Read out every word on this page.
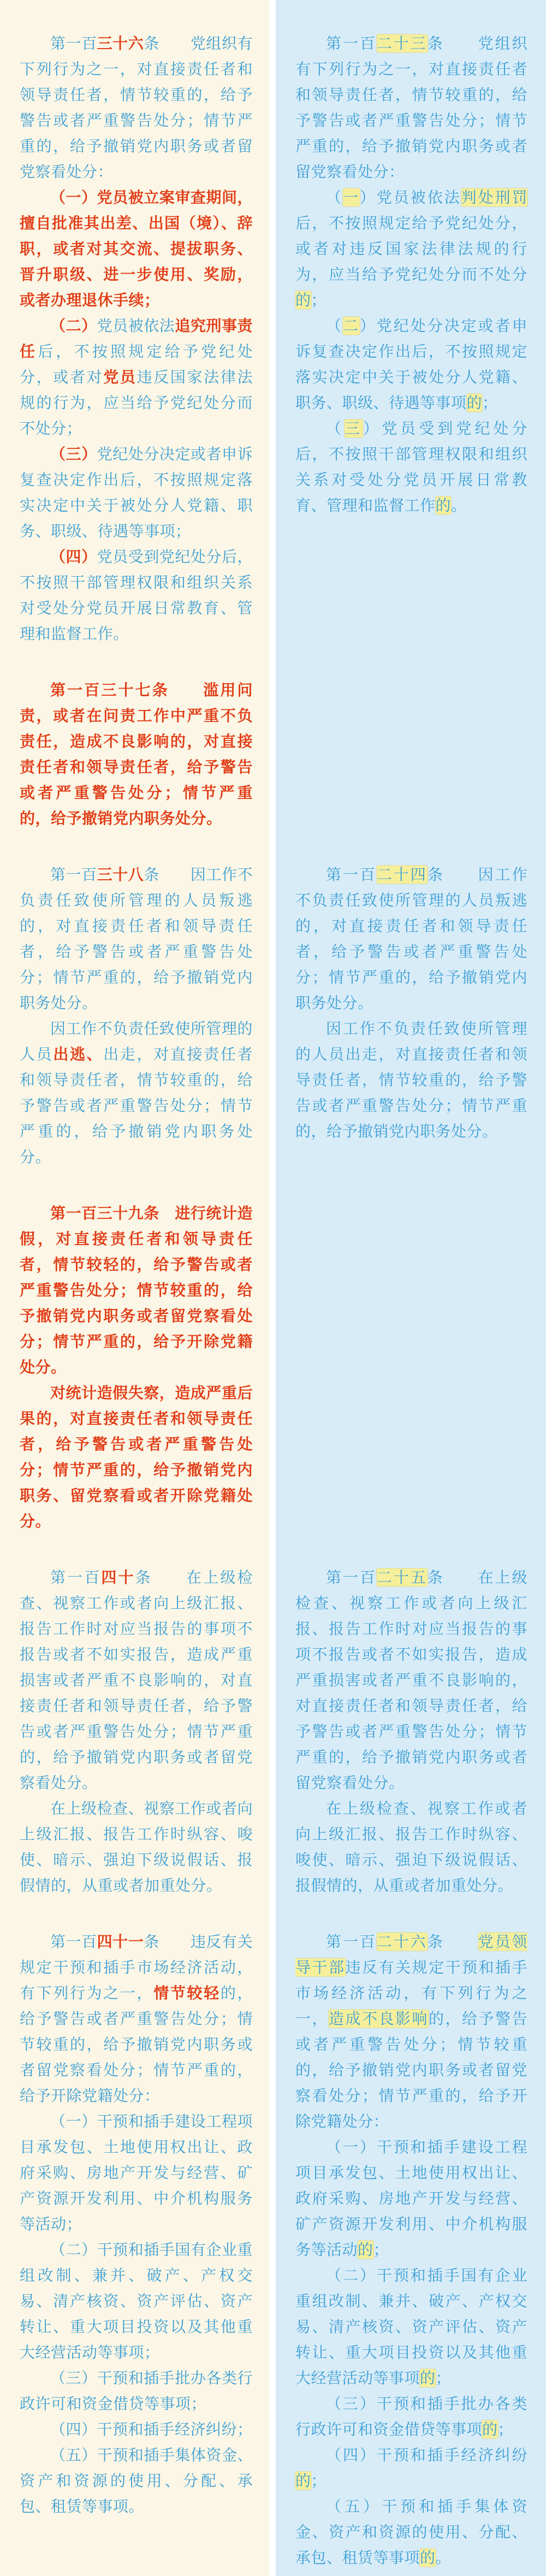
第一百三十六条　　党组织有下列行为之一，对直接责任者和领导责任者，情节较重的，给予警告或者严重警告处分；情节严重的，给予撤销党内职务或者留党察看处分：

（一）党员被立案审查期间，擅自批准其出差、出国（境）、辞职，或者对其交流、提拔职务、晋升职级、进一步使用、奖励，或者办理退休手续；

（二）党员被依法追究刑事责任后，不按照规定给予党纪处分，或者对党员违反国家法律法规的行为，应当给予党纪处分而不处分；

（三）党纪处分决定或者申诉复查决定作出后，不按照规定落实决定中关于被处分人党籍、职务、职级、待遇等事项；

（四）党员受到党纪处分后，不按照干部管理权限和组织关系对受处分党员开展日常教育、管理和监督工作。

第一百二十三条　　党组织有下列行为之一，对直接责任者和领导责任者，情节较重的，给予警告或者严重警告处分；情节严重的，给予撤销党内职务或者留党察看处分：

（一）党员被依法判处刑罚后，不按照规定给予党纪处分，或者对违反国家法律法规的行为，应当给予党纪处分而不处分的；

（二）党纪处分决定或者申诉复查决定作出后，不按照规定落实决定中关于被处分人党籍、职务、职级、待遇等事项的；

（三）党员受到党纪处分后，不按照干部管理权限和组织关系对受处分党员开展日常教育、管理和监督工作的。

第一百三十七条　　滥用问责，或者在问责工作中严重不负责任，造成不良影响的，对直接责任者和领导责任者，给予警告或者严重警告处分；情节严重的，给予撤销党内职务处分。

第一百三十八条　　因工作不负责任致使所管理的人员叛逃的，对直接责任者和领导责任者，给予警告或者严重警告处分；情节严重的，给予撤销党内职务处分。

因工作不负责任致使所管理的人员出逃、出走，对直接责任者和领导责任者，情节较重的，给予警告或者严重警告处分；情节严重的，给予撤销党内职务处分。

第一百二十四条　　因工作不负责任致使所管理的人员叛逃的，对直接责任者和领导责任者，给予警告或者严重警告处分；情节严重的，给予撤销党内职务处分。

因工作不负责任致使所管理的人员出走，对直接责任者和领导责任者，情节较重的，给予警告或者严重警告处分；情节严重的，给予撤销党内职务处分。

第一百三十九条　进行统计造假，对直接责任者和领导责任者，情节较轻的，给予警告或者严重警告处分；情节较重的，给予撤销党内职务或者留党察看处分；情节严重的，给予开除党籍处分。

对统计造假失察，造成严重后果的，对直接责任者和领导责任者，给予警告或者严重警告处分；情节严重的，给予撤销党内职务、留党察看或者开除党籍处分。

第一百四十条　　在上级检查、视察工作或者向上级汇报、报告工作时对应当报告的事项不报告或者不如实报告，造成严重损害或者严重不良影响的，对直接责任者和领导责任者，给予警告或者严重警告处分；情节严重的，给予撤销党内职务或者留党察看处分。

在上级检查、视察工作或者向上级汇报、报告工作时纵容、唆使、暗示、强迫下级说假话、报假情的，从重或者加重处分。

第一百二十五条　　在上级检查、视察工作或者向上级汇报、报告工作时对应当报告的事项不报告或者不如实报告，造成严重损害或者严重不良影响的，对直接责任者和领导责任者，给予警告或者严重警告处分；情节严重的，给予撤销党内职务或者留党察看处分。

在上级检查、视察工作或者向上级汇报、报告工作时纵容、唆使、暗示、强迫下级说假话、报假情的，从重或者加重处分。

第一百四十一条　　违反有关规定干预和插手市场经济活动，有下列行为之一，情节较轻的，给予警告或者严重警告处分；情节较重的，给予撤销党内职务或者留党察看处分；情节严重的，给予开除党籍处分：

（一）干预和插手建设工程项目承发包、土地使用权出让、政府采购、房地产开发与经营、矿产资源开发利用、中介机构服务等活动；

（二）干预和插手国有企业重组改制、兼并、破产、产权交易、清产核资、资产评估、资产转让、重大项目投资以及其他重大经营活动等事项；

（三）干预和插手批办各类行政许可和资金借贷等事项；

（四）干预和插手经济纠纷；

（五）干预和插手集体资金、资产和资源的使用、分配、承包、租赁等事项。

第一百二十六条　　党员领导干部违反有关规定干预和插手市场经济活动，有下列行为之一，造成不良影响的，给予警告或者严重警告处分；情节较重的，给予撤销党内职务或者留党察看处分；情节严重的，给予开除党籍处分：

（一）干预和插手建设工程项目承发包、土地使用权出让、政府采购、房地产开发与经营、矿产资源开发利用、中介机构服务等活动的；

（二）干预和插手国有企业重组改制、兼并、破产、产权交易、清产核资、资产评估、资产转让、重大项目投资以及其他重大经营活动等事项的；

（三）干预和插手批办各类行政许可和资金借贷等事项的；

（四）干预和插手经济纠纷的；

（五）干预和插手集体资金、资产和资源的使用、分配、承包、租赁等事项的。
